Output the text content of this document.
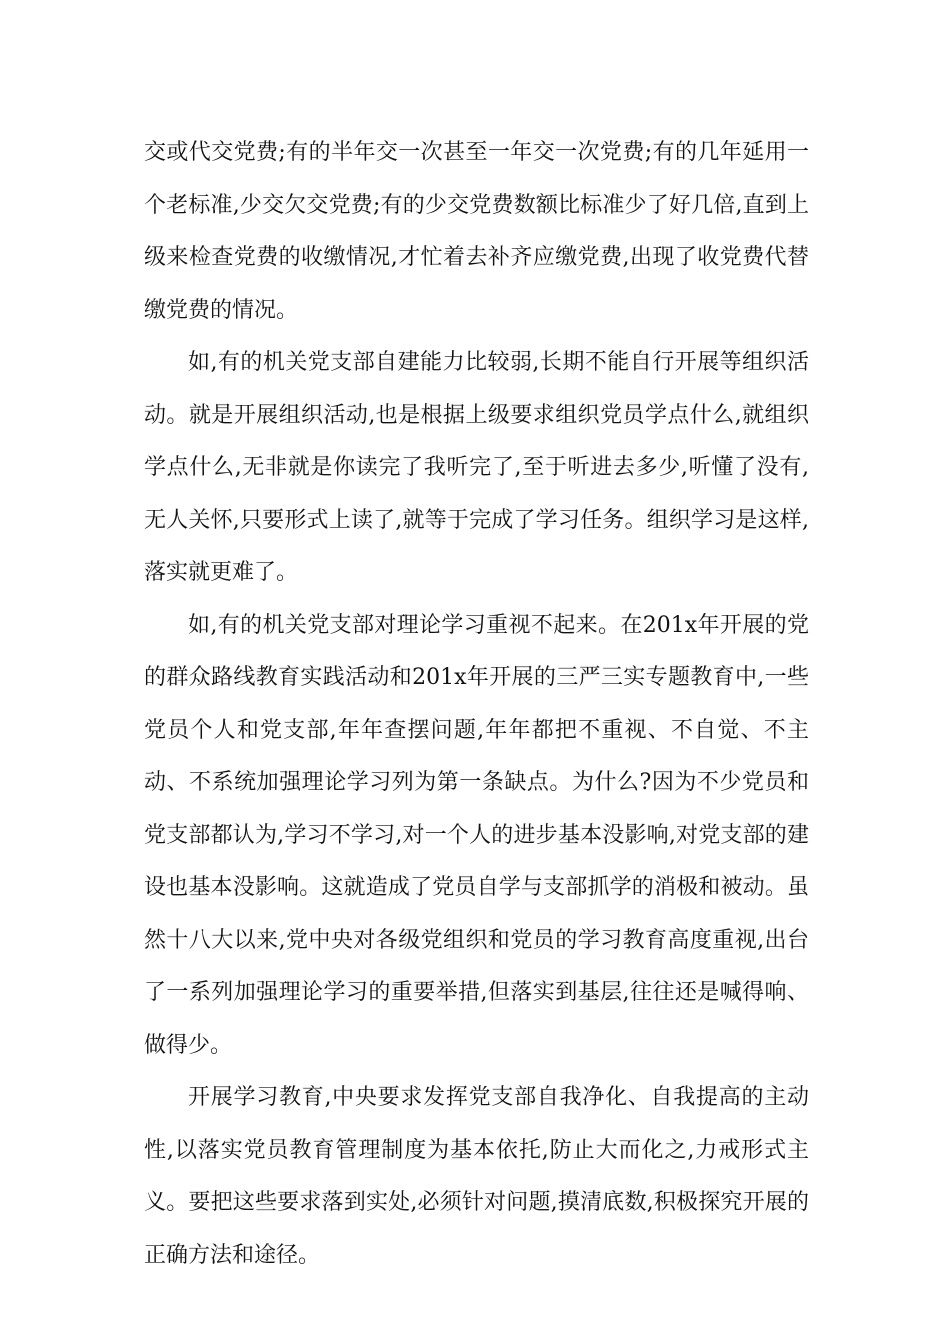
交或代交党费;有的半年交一次甚至一年交一次党费;有的几年延用一个老标准,少交欠交党费;有的少交党费数额比标准少了好几倍,直到上级来检查党费的收缴情况,才忙着去补齐应缴党费,出现了收党费代替缴党费的情况。

如,有的机关党支部自建能力比较弱,长期不能自行开展等组织活动。就是开展组织活动,也是根据上级要求组织党员学点什么,就组织学点什么,无非就是你读完了我听完了,至于听进去多少,听懂了没有,无人关怀,只要形式上读了,就等于完成了学习任务。组织学习是这样,落实就更难了。

如,有的机关党支部对理论学习重视不起来。在201x年开展的党的群众路线教育实践活动和201x年开展的三严三实专题教育中,一些党员个人和党支部,年年查摆问题,年年都把不重视、不自觉、不主动、不系统加强理论学习列为第一条缺点。为什么?因为不少党员和党支部都认为,学习不学习,对一个人的进步基本没影响,对党支部的建设也基本没影响。这就造成了党员自学与支部抓学的消极和被动。虽然十八大以来,党中央对各级党组织和党员的学习教育高度重视,出台了一系列加强理论学习的重要举措,但落实到基层,往往还是喊得响、做得少。

开展学习教育,中央要求发挥党支部自我净化、自我提高的主动性,以落实党员教育管理制度为基本依托,防止大而化之,力戒形式主义。要把这些要求落到实处,必须针对问题,摸清底数,积极探究开展的正确方法和途径。
